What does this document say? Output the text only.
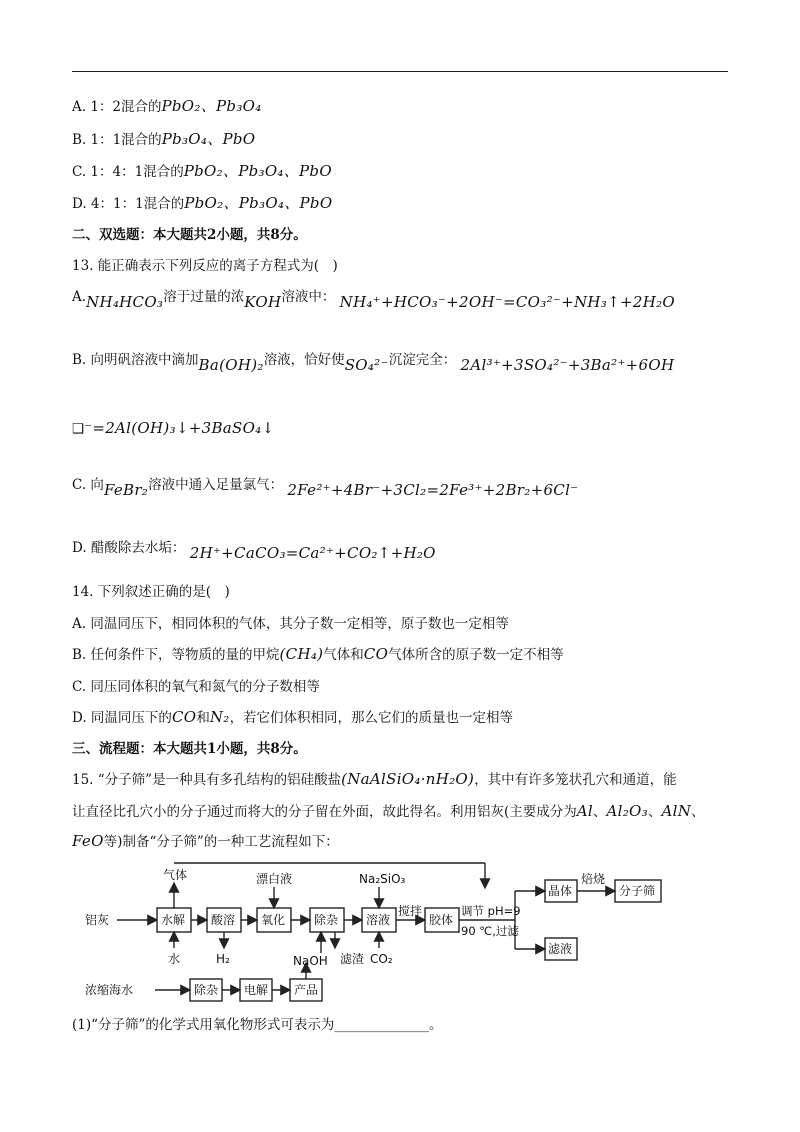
A. 1：2混合的PbO₂、Pb₃O₄
B. 1：1混合的Pb₃O₄、PbO
C. 1：4：1混合的PbO₂、Pb₃O₄、PbO
D. 4：1：1混合的PbO₂、Pb₃O₄、PbO
二、双选题：本大题共2小题，共8分。
13. 能正确表示下列反应的离子方程式为(　)
A.NH₄HCO₃溶于过量的浓KOH溶液中： NH₄⁺+HCO₃⁻+2OH⁻=CO₃²⁻+NH₃↑+2H₂O
B. 向明矾溶液中滴加Ba(OH)₂溶液，恰好使SO₄²⁻沉淀完全： 2Al³⁺+3SO₄²⁻+3Ba²⁺+6OH
❑⁻=2Al(OH)₃↓+3BaSO₄↓
C. 向FeBr₂溶液中通入足量氯气： 2Fe²⁺+4Br⁻+3Cl₂=2Fe³⁺+2Br₂+6Cl⁻
D. 醋酸除去水垢： 2H⁺+CaCO₃=Ca²⁺+CO₂↑+H₂O
14. 下列叙述正确的是(　)
A. 同温同压下，相同体积的气体，其分子数一定相等，原子数也一定相等
B. 任何条件下，等物质的量的甲烷(CH₄)气体和CO气体所含的原子数一定不相等
C. 同压同体积的氧气和氮气的分子数相等
D. 同温同压下的CO和N₂，若它们体积相同，那么它们的质量也一定相等
三、流程题：本大题共1小题，共8分。
15. “分子筛”是一种具有多孔结构的铝硅酸盐(NaAlSiO₄·nH₂O)，其中有许多笼状孔穴和通道，能
让直径比孔穴小的分子通过而将大的分子留在外面，故此得名。利用铝灰(主要成分为Al、Al₂O₃、AlN、
FeO等)制备“分子筛”的一种工艺流程如下：
铝灰	水解
气体
水
酸溶
H₂
氧化
漂白液
除杂
NaOH 滤渣
溶液
Na₂SiO₃
CO₂
搅拌
胶体
调节 pH=9
90 ℃,过滤
晶体
焙烧
分子筛
滤液
浓缩海水	除杂 电解 产品
(1)“分子筛”的化学式用氧化物形式可表示为______________。
